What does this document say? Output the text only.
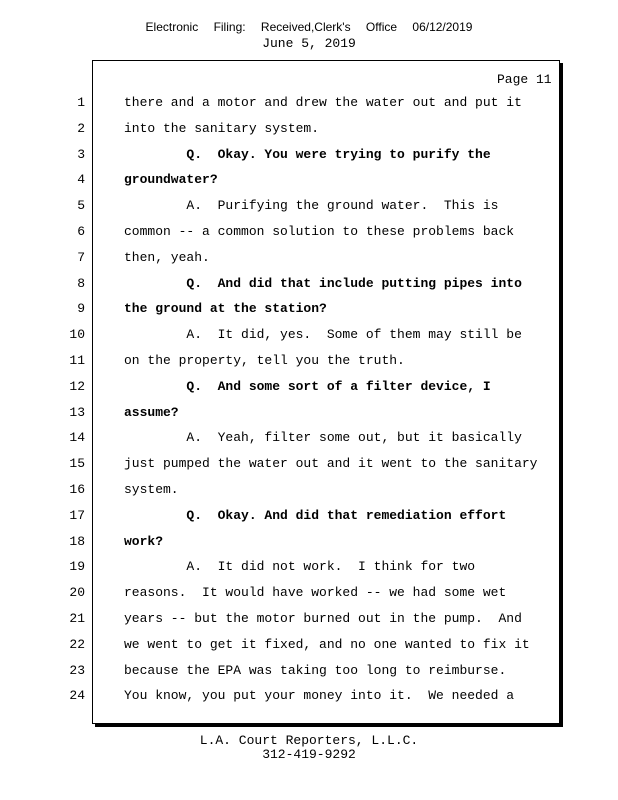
Electronic Filing: Received,Clerk's Office 06/12/2019
June 5, 2019
Page 11
1	there and a motor and drew the water out and put it
2	into the sanitary system.
3	Q.  Okay. You were trying to purify the
4	groundwater?
5	A.  Purifying the ground water.  This is
6	common -- a common solution to these problems back
7	then, yeah.
8	Q.  And did that include putting pipes into
9	the ground at the station?
10	A.  It did, yes.  Some of them may still be
11	on the property, tell you the truth.
12	Q.  And some sort of a filter device, I
13	assume?
14	A.  Yeah, filter some out, but it basically
15	just pumped the water out and it went to the sanitary
16	system.
17	Q.  Okay. And did that remediation effort
18	work?
19	A.  It did not work.  I think for two
20	reasons.  It would have worked -- we had some wet
21	years -- but the motor burned out in the pump.  And
22	we went to get it fixed, and no one wanted to fix it
23	because the EPA was taking too long to reimburse.
24	You know, you put your money into it.  We needed a
L.A. Court Reporters, L.L.C.
312-419-9292
